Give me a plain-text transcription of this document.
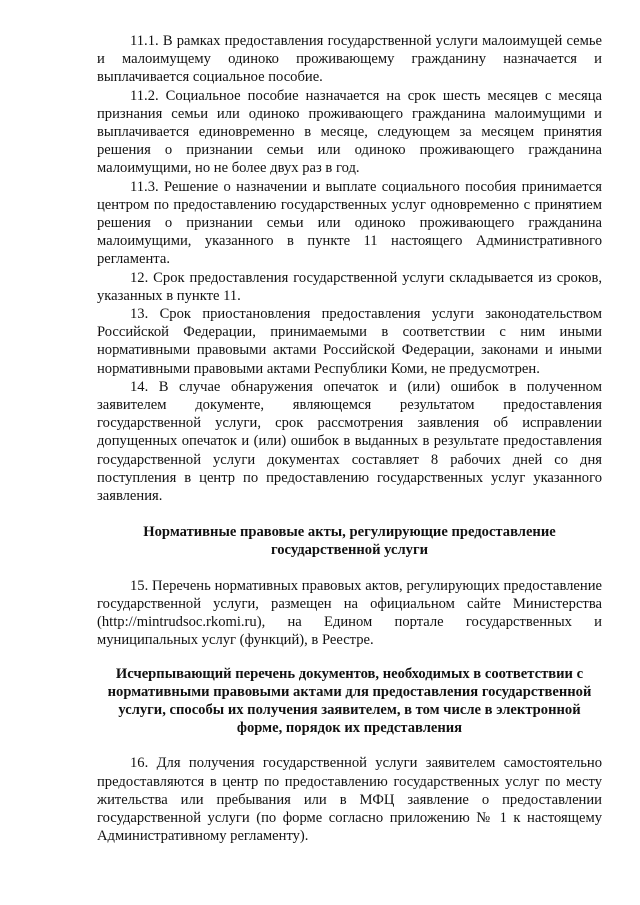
11.1. В рамках предоставления государственной услуги малоимущей семье и малоимущему одиноко проживающему гражданину назначается и выплачивается социальное пособие.

11.2. Социальное пособие назначается на срок шесть месяцев с месяца признания семьи или одиноко проживающего гражданина малоимущими и выплачивается единовременно в месяце, следующем за месяцем принятия решения о признании семьи или одиноко проживающего гражданина малоимущими, но не более двух раз в год.

11.3. Решение о назначении и выплате социального пособия принимается центром по предоставлению государственных услуг одновременно с принятием решения о признании семьи или одиноко проживающего гражданина малоимущими, указанного в пункте 11 настоящего Административного регламента.

12. Срок предоставления государственной услуги складывается из сроков, указанных в пункте 11.

13. Срок приостановления предоставления услуги законодательством Российской Федерации, принимаемыми в соответствии с ним иными нормативными правовыми актами Российской Федерации, законами и иными нормативными правовыми актами Республики Коми, не предусмотрен.

14. В случае обнаружения опечаток и (или) ошибок в полученном заявителем документе, являющемся результатом предоставления государственной услуги, срок рассмотрения заявления об исправлении допущенных опечаток и (или) ошибок в выданных в результате предоставления государственной услуги документах составляет 8 рабочих дней со дня поступления в центр по предоставлению государственных услуг указанного заявления.

Нормативные правовые акты, регулирующие предоставление государственной услуги

15. Перечень нормативных правовых актов, регулирующих предоставление государственной услуги, размещен на официальном сайте Министерства (http://mintrudsoc.rkomi.ru), на Едином портале государственных и муниципальных услуг (функций), в Реестре.

Исчерпывающий перечень документов, необходимых в соответствии с нормативными правовыми актами для предоставления государственной услуги, способы их получения заявителем, в том числе в электронной форме, порядок их представления

16. Для получения государственной услуги заявителем самостоятельно предоставляются в центр по предоставлению государственных услуг по месту жительства или пребывания или в МФЦ заявление о предоставлении государственной услуги (по форме согласно приложению № 1 к настоящему Административному регламенту).
